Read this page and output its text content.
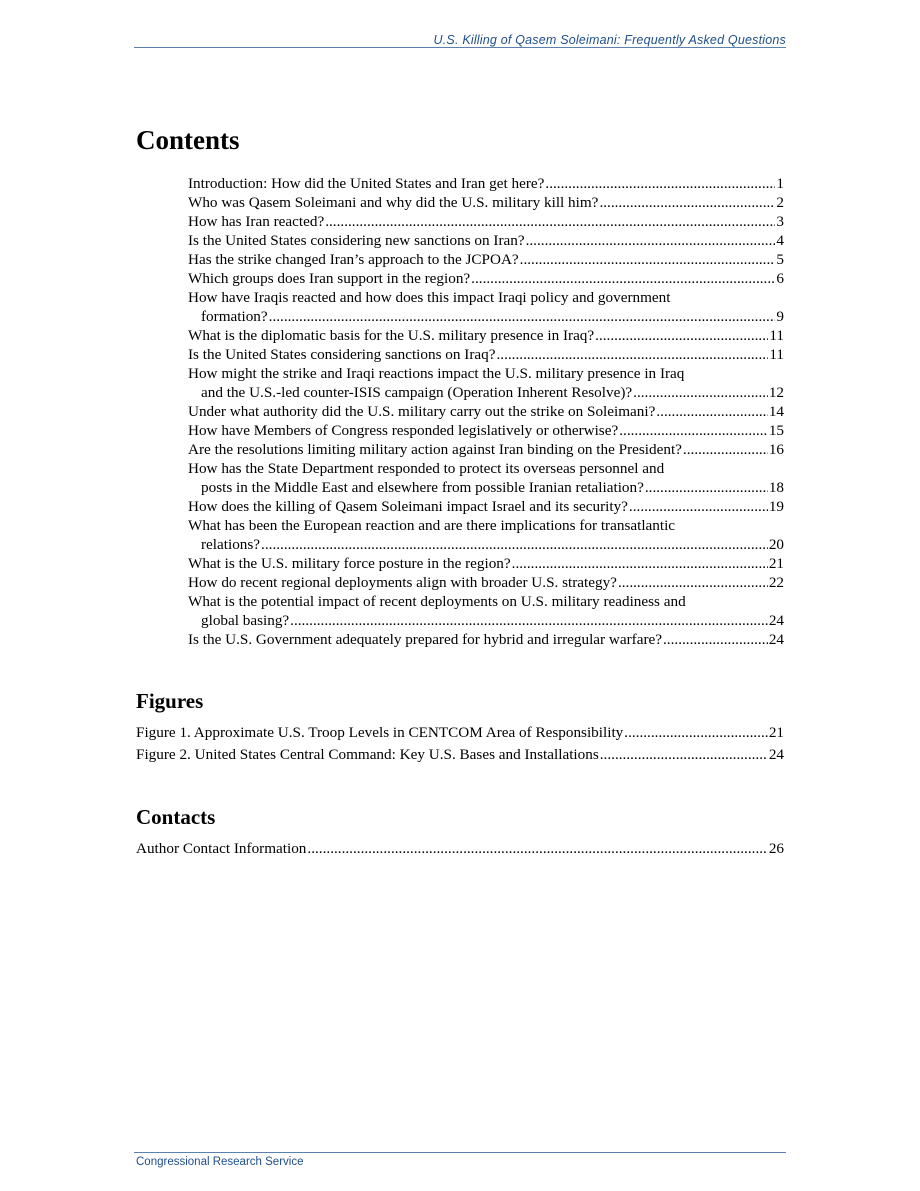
U.S. Killing of Qasem Soleimani: Frequently Asked Questions
Contents
Introduction: How did the United States and Iran get here? .....	1
Who was Qasem Soleimani and why did the U.S. military kill him? .....	2
How has Iran reacted? .....	3
Is the United States considering new sanctions on Iran? .....	4
Has the strike changed Iran’s approach to the JCPOA? .....	5
Which groups does Iran support in the region? .....	6
How have Iraqis reacted and how does this impact Iraqi policy and government
formation? .....	9
What is the diplomatic basis for the U.S. military presence in Iraq? .....	11
Is the United States considering sanctions on Iraq? .....	11
How might the strike and Iraqi reactions impact the U.S. military presence in Iraq
and the U.S.-led counter-ISIS campaign (Operation Inherent Resolve)? .....	12
Under what authority did the U.S. military carry out the strike on Soleimani? .....	14
How have Members of Congress responded legislatively or otherwise? .....	15
Are the resolutions limiting military action against Iran binding on the President? .....	16
How has the State Department responded to protect its overseas personnel and
posts in the Middle East and elsewhere from possible Iranian retaliation? .....	18
How does the killing of Qasem Soleimani impact Israel and its security? .....	19
What has been the European reaction and are there implications for transatlantic
relations? .....	20
What is the U.S. military force posture in the region? .....	21
How do recent regional deployments align with broader U.S. strategy? .....	22
What is the potential impact of recent deployments on U.S. military readiness and
global basing? .....	24
Is the U.S. Government adequately prepared for hybrid and irregular warfare? .....	24
Figures
Figure 1. Approximate U.S. Troop Levels in CENTCOM Area of Responsibility .....	21
Figure 2. United States Central Command: Key U.S. Bases and Installations .....	24
Contacts
Author Contact Information .....	26
Congressional Research Service
